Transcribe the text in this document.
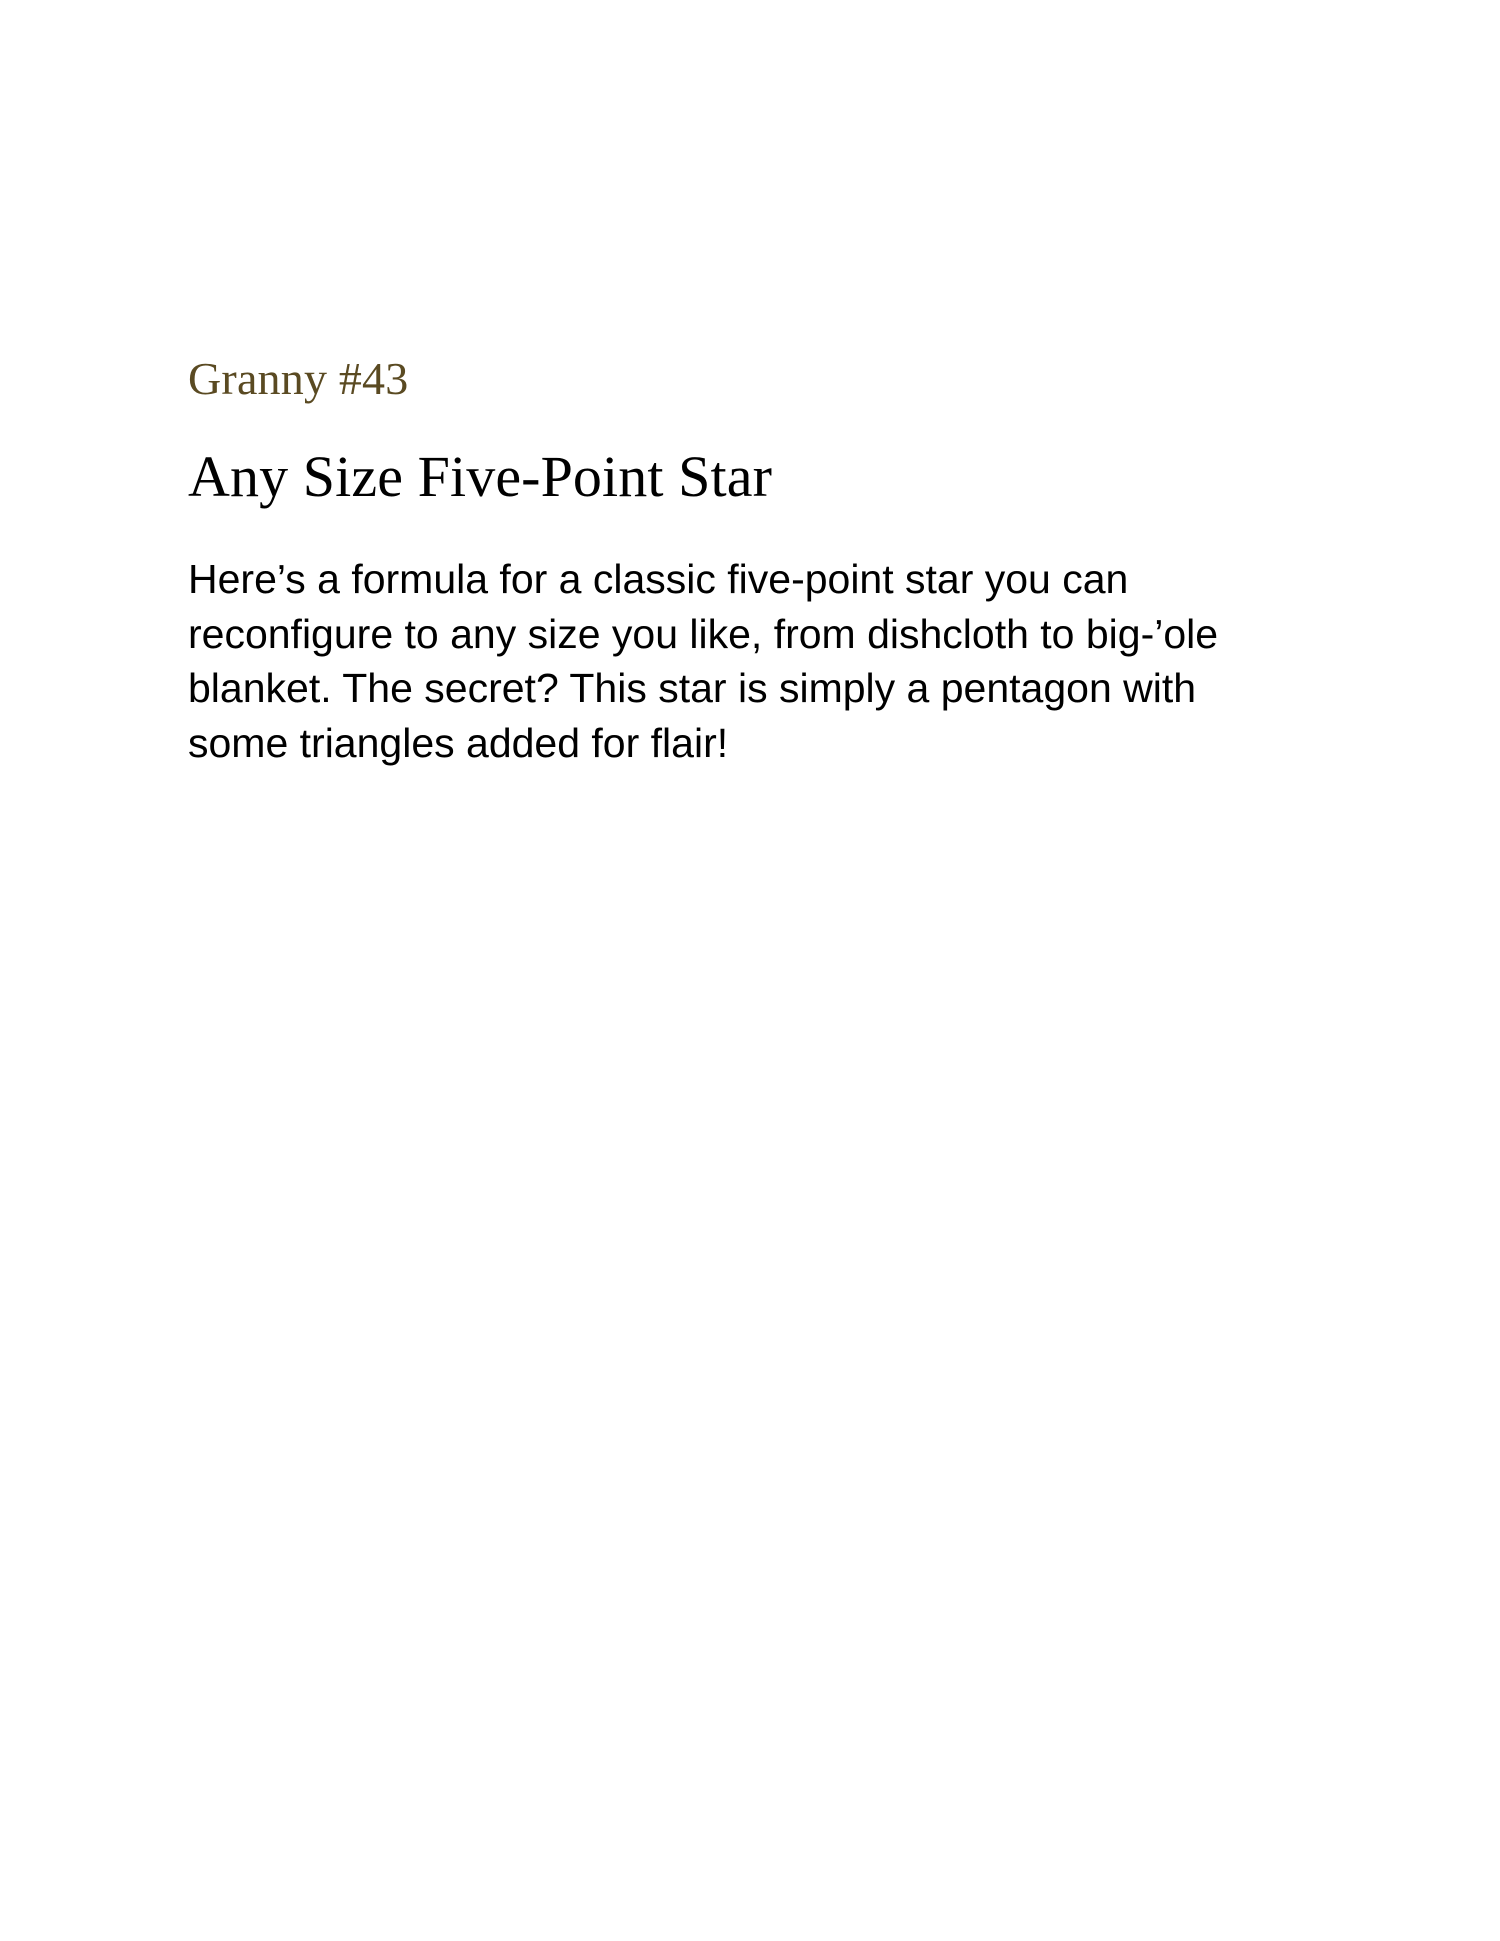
Granny #43

Any Size Five-Point Star

Here’s a formula for a classic five-point star you can reconfigure to any size you like, from dishcloth to big-’ole blanket. The secret? This star is simply a pentagon with some triangles added for flair!
